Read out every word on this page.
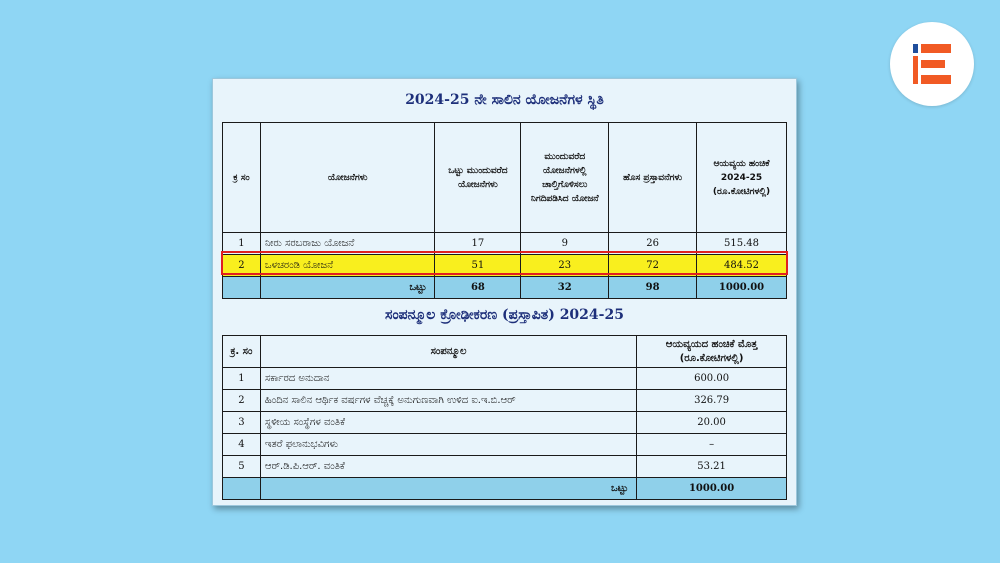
2024-25 ನೇ ಸಾಲಿನ ಯೋಜನೆಗಳ ಸ್ಥಿತಿ
ಕ್ರ ಸಂ	ಯೋಜನೆಗಳು	ಒಟ್ಟು ಮುಂದುವರೆದ ಯೋಜನೆಗಳು	ಮುಂದುವರೆದ ಯೋಜನೆಗಳಲ್ಲಿ ಚಾಲ್ತಿಗೊಳಿಸಲು ನಿಗದಿಪಡಿಸಿದ ಯೋಜನೆ	ಹೊಸ ಪ್ರಸ್ತಾವನೆಗಳು	ಆಯವ್ಯಯ ಹಂಚಿಕೆ 2024-25 (ರೂ.ಕೋಟಿಗಳಲ್ಲಿ)
1	ನೀರು ಸರಬರಾಜು ಯೋಜನೆ	17	9	26	515.48
2	ಒಳಚರಂಡಿ ಯೋಜನೆ	51	23	72	484.52
	ಒಟ್ಟು	68	32	98	1000.00
ಸಂಪನ್ಮೂಲ ಕ್ರೋಢೀಕರಣ (ಪ್ರಸ್ತಾಪಿತ) 2024-25
ಕ್ರ. ಸಂ	ಸಂಪನ್ಮೂಲ	ಆಯವ್ಯಯದ ಹಂಚಿಕೆ ಮೊತ್ತ (ರೂ.ಕೋಟಿಗಳಲ್ಲಿ)
1	ಸರ್ಕಾರದ ಅನುದಾನ	600.00
2	ಹಿಂದಿನ ಸಾಲಿನ ಆರ್ಥಿಕ ವರ್ಷಗಳ ವೆಚ್ಚಕ್ಕೆ ಅನುಗುಣವಾಗಿ ಉಳಿದ ಐ.ಇ.ಬಿ.ಆರ್	326.79
3	ಸ್ಥಳೀಯ ಸಂಸ್ಥೆಗಳ ವಂತಿಕೆ	20.00
4	ಇತರೆ ಫಲಾನುಭವಿಗಳು	–
5	ಆರ್.ಡಿ.ಪಿ.ಆರ್. ವಂತಿಕೆ	53.21
	ಒಟ್ಟು	1000.00
